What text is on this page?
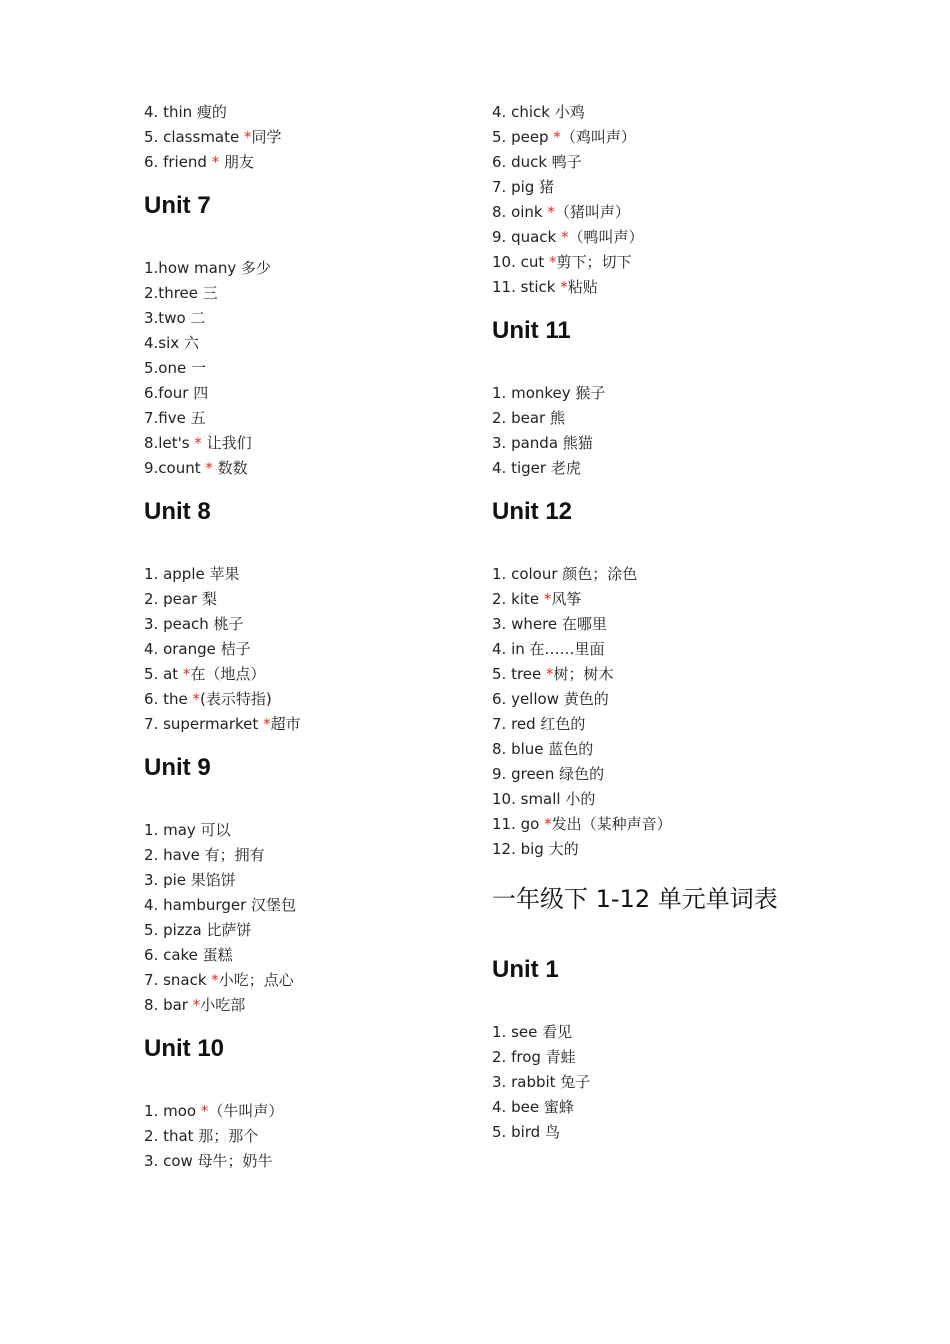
4. thin 瘦的
5. classmate *同学
6. friend * 朋友
Unit 7
1.how many 多少
2.three 三
3.two 二
4.six 六
5.one 一
6.four 四
7.five 五
8.let's * 让我们
9.count * 数数
Unit 8
1. apple 苹果
2. pear 梨
3. peach 桃子
4. orange 桔子
5. at *在（地点）
6. the *(表示特指)
7. supermarket *超市
Unit 9
1. may 可以
2. have 有；拥有
3. pie 果馅饼
4. hamburger 汉堡包
5. pizza 比萨饼
6. cake 蛋糕
7. snack *小吃；点心
8. bar *小吃部
Unit 10
1. moo *（牛叫声）
2. that 那；那个
3. cow 母牛；奶牛
4. chick 小鸡
5. peep *（鸡叫声）
6. duck 鸭子
7. pig 猪
8. oink *（猪叫声）
9. quack *（鸭叫声）
10. cut *剪下；切下
11. stick *粘贴
Unit 11
1. monkey 猴子
2. bear 熊
3. panda 熊猫
4. tiger 老虎
Unit 12
1. colour 颜色；涂色
2. kite *风筝
3. where 在哪里
4. in 在……里面
5. tree *树；树木
6. yellow 黄色的
7. red 红色的
8. blue 蓝色的
9. green 绿色的
10. small 小的
11. go *发出（某种声音）
12. big 大的
一年级下 1-12 单元单词表
Unit 1
1. see 看见
2. frog 青蛙
3. rabbit 兔子
4. bee 蜜蜂
5. bird 鸟
